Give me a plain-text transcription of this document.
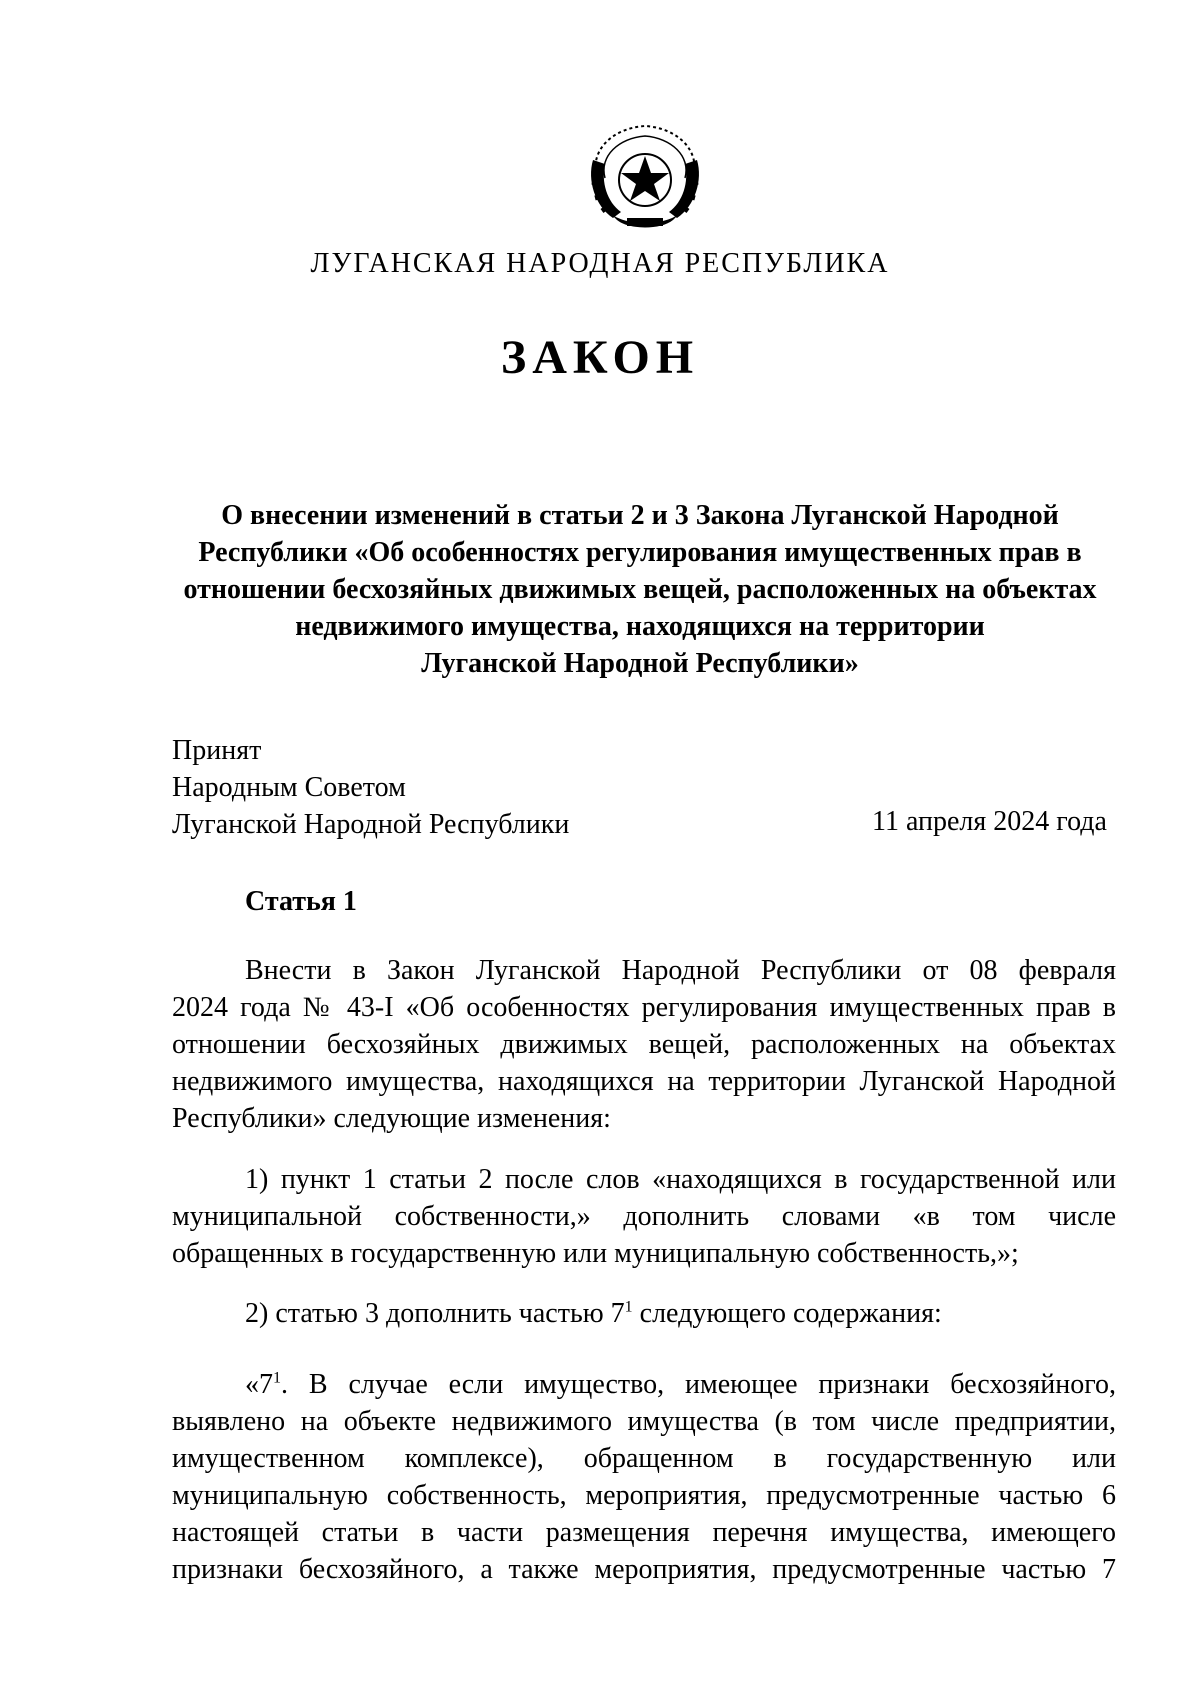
ЛУГАНСКАЯ НАРОДНАЯ РЕСПУБЛИКА
ЗАКОН
О внесении изменений в статьи 2 и 3 Закона Луганской Народной
Республики «Об особенностях регулирования имущественных прав в
отношении бесхозяйных движимых вещей, расположенных на объектах
недвижимого имущества, находящихся на территории
Луганской Народной Республики»
Принят
Народным Советом
Луганской Народной Республики	11 апреля 2024 года
Статья 1
Внести в Закон Луганской Народной Республики от 08 февраля
2024 года № 43-I «Об особенностях регулирования имущественных прав в
отношении бесхозяйных движимых вещей, расположенных на объектах
недвижимого имущества, находящихся на территории Луганской Народной
Республики» следующие изменения:
1) пункт 1 статьи 2 после слов «находящихся в государственной или
муниципальной собственности,» дополнить словами «в том числе
обращенных в государственную или муниципальную собственность,»;
2) статью 3 дополнить частью $7^1$ следующего содержания:
«$7^1$. В случае если имущество, имеющее признаки бесхозяйного,
выявлено на объекте недвижимого имущества (в том числе предприятии,
имущественном комплексе), обращенном в государственную или
муниципальную собственность, мероприятия, предусмотренные частью 6
настоящей статьи в части размещения перечня имущества, имеющего
признаки бесхозяйного, а также мероприятия, предусмотренные частью 7
